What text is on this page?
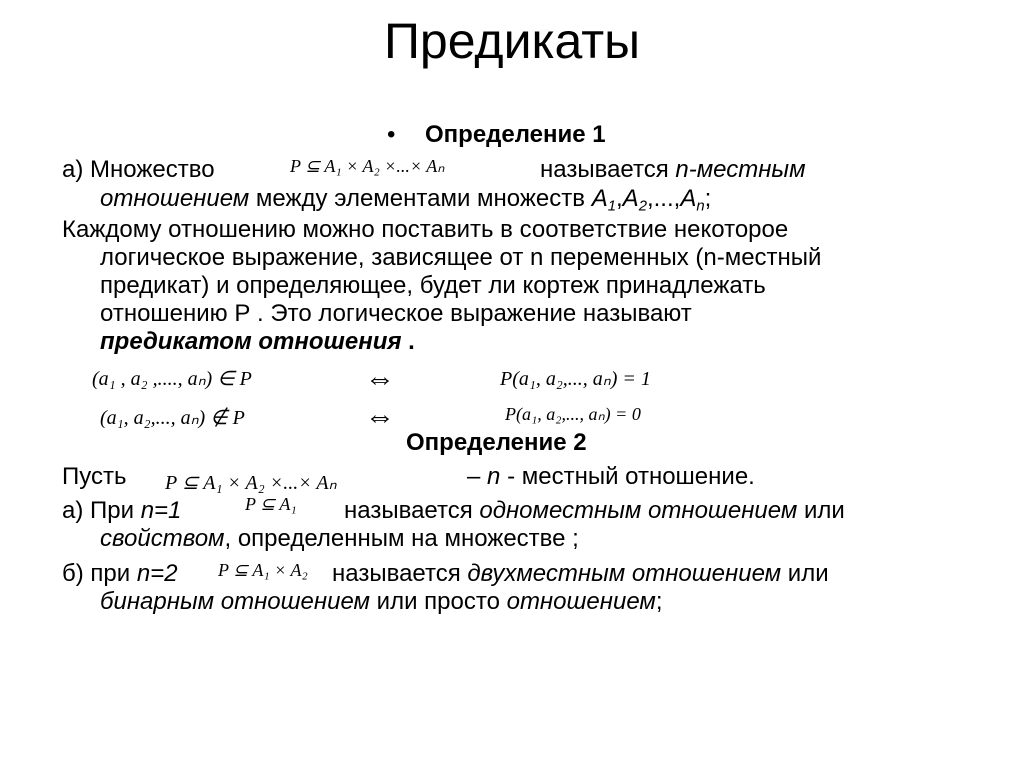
Предикаты
• Определение 1
а) Множество	P ⊆ A₁ × A₂ ×...× Aₙ	называется n-местным
отношением между элементами множеств $A_1,A_2,...,A_n$;
Каждому отношению можно поставить в соответствие некоторое
логическое выражение, зависящее от n переменных (n-местный
предикат) и определяющее, будет ли кортеж принадлежать
отношению Р . Это логическое выражение называют
предикатом отношения .
(a₁ , a₂ ,...., aₙ) ∈ P	⇔	P(a₁, a₂,..., aₙ) = 1
(a₁, a₂,..., aₙ) ∉ P	⇔	P(a₁, a₂,..., aₙ) = 0
Определение 2
Пусть P ⊆ A₁ × A₂ ×...× Aₙ	– n - местный отношение.
а) При n=1	P ⊆ A₁ называется одноместным отношением или
свойством, определенным на множестве ;
б) при n=2 P ⊆ A₁ × A₂ называется двухместным отношением или
бинарным отношением или просто отношением;
